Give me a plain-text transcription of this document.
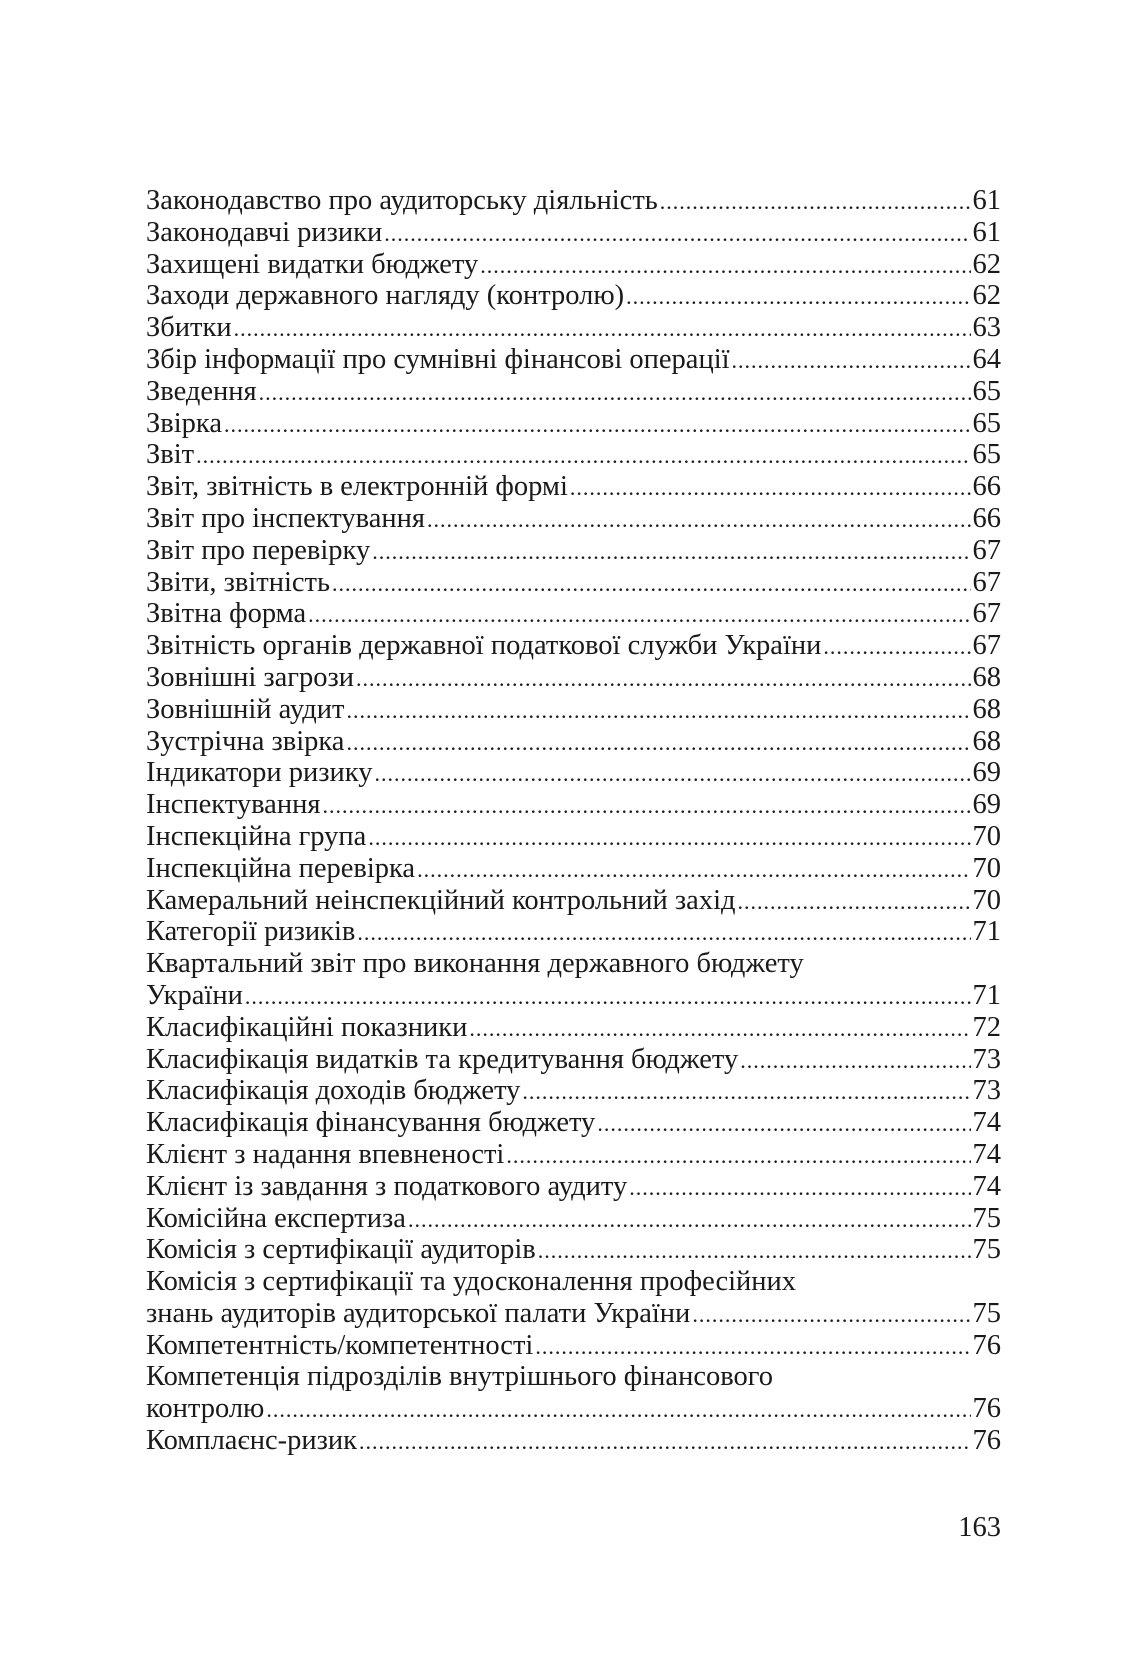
Законодавство про аудиторську діяльність .....	61
Законодавчі ризики .....	61
Захищені видатки бюджету .....	62
Заходи державного нагляду (контролю) .....	62
Збитки .....	63
Збір інформації про сумнівні фінансові операції .....	64
Зведення .....	65
Звірка .....	65
Звіт .....	65
Звіт, звітність в електронній формі .....	66
Звіт про інспектування .....	66
Звіт про перевірку .....	67
Звіти, звітність .....	67
Звітна форма .....	67
Звітність органів державної податкової служби України .....	67
Зовнішні загрози .....	68
Зовнішній аудит .....	68
Зустрічна звірка .....	68
Індикатори ризику .....	69
Інспектування .....	69
Інспекційна група .....	70
Інспекційна перевірка .....	70
Камеральний неінспекційний контрольний захід .....	70
Категорії ризиків .....	71
Квартальний звіт про виконання державного бюджету
України .....	71
Класифікаційні показники .....	72
Класифікація видатків та кредитування бюджету .....	73
Класифікація доходів бюджету .....	73
Класифікація фінансування бюджету .....	74
Клієнт з надання впевненості .....	74
Клієнт із завдання з податкового аудиту .....	74
Комісійна експертиза .....	75
Комісія з сертифікації аудиторів .....	75
Комісія з сертифікації та удосконалення професійних
знань аудиторів аудиторської палати України .....	75
Компетентність/компетентності .....	76
Компетенція підрозділів внутрішнього фінансового
контролю .....	76
Комплаєнс-ризик .....	76
163
